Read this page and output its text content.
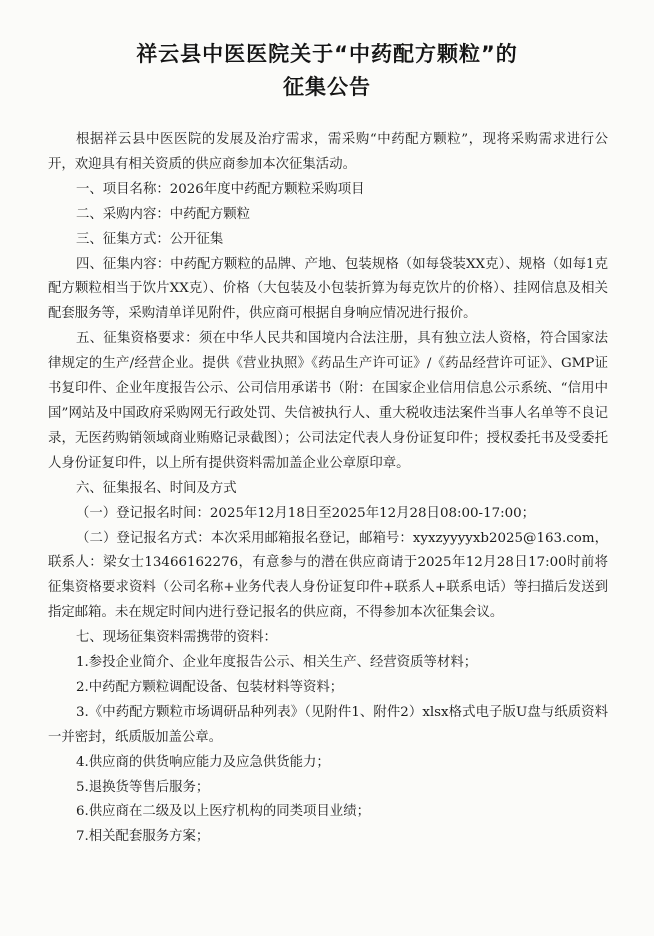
祥云县中医医院关于“中药配方颗粒”的
征集公告

根据祥云县中医医院的发展及治疗需求，需采购“中药配方颗粒”，现将采购需求进行公开，欢迎具有相关资质的供应商参加本次征集活动。

一、项目名称：2026年度中药配方颗粒采购项目

二、采购内容：中药配方颗粒

三、征集方式：公开征集

四、征集内容：中药配方颗粒的品牌、产地、包装规格（如每袋装XX克）、规格（如每1克配方颗粒相当于饮片XX克）、价格（大包装及小包装折算为每克饮片的价格）、挂网信息及相关配套服务等，采购清单详见附件，供应商可根据自身响应情况进行报价。

五、征集资格要求：须在中华人民共和国境内合法注册，具有独立法人资格，符合国家法律规定的生产/经营企业。提供《营业执照》《药品生产许可证》/《药品经营许可证》、GMP证书复印件、企业年度报告公示、公司信用承诺书（附：在国家企业信用信息公示系统、“信用中国”网站及中国政府采购网无行政处罚、失信被执行人、重大税收违法案件当事人名单等不良记录，无医药购销领域商业贿赂记录截图）；公司法定代表人身份证复印件；授权委托书及受委托人身份证复印件，以上所有提供资料需加盖企业公章原印章。

六、征集报名、时间及方式

（一）登记报名时间：2025年12月18日至2025年12月28日08:00-17:00；

（二）登记报名方式：本次采用邮箱报名登记，邮箱号：xyxzyyyyxb2025@163.com，联系人：梁女士13466162276，有意参与的潜在供应商请于2025年12月28日17:00时前将征集资格要求资料（公司名称+业务代表人身份证复印件+联系人+联系电话）等扫描后发送到指定邮箱。未在规定时间内进行登记报名的供应商，不得参加本次征集会议。

七、现场征集资料需携带的资料：

1.参投企业简介、企业年度报告公示、相关生产、经营资质等材料；

2.中药配方颗粒调配设备、包装材料等资料；

3.《中药配方颗粒市场调研品种列表》（见附件1、附件2）xlsx格式电子版U盘与纸质资料一并密封，纸质版加盖公章。

4.供应商的供货响应能力及应急供货能力；

5.退换货等售后服务；

6.供应商在二级及以上医疗机构的同类项目业绩；

7.相关配套服务方案；
